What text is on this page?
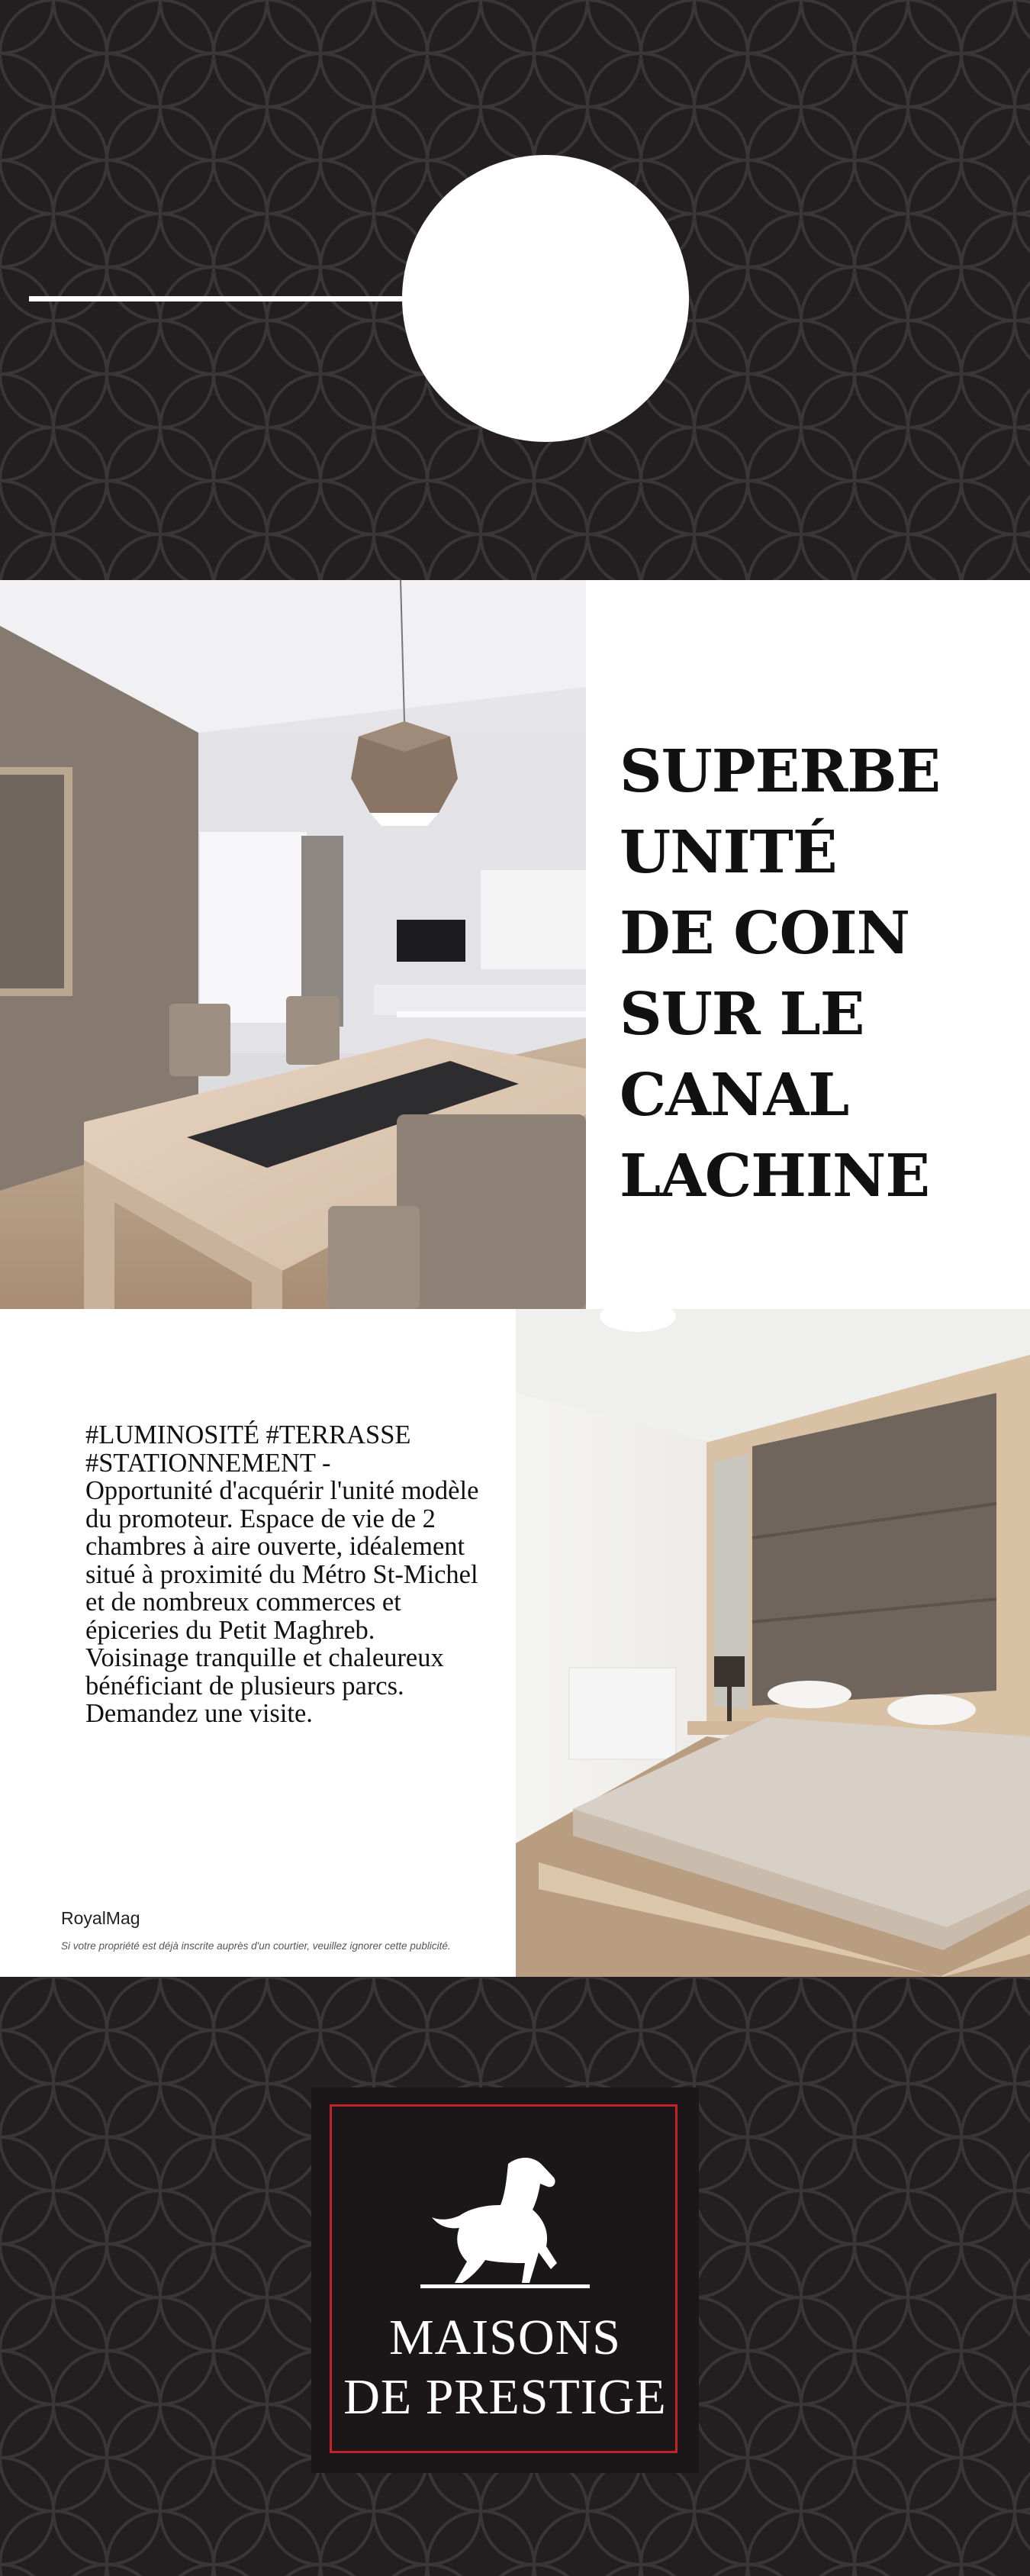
SUPERBE
UNITÉ
DE COIN
SUR LE
CANAL
LACHINE
#LUMINOSITÉ #TERRASSE #STATIONNEMENT -
Opportunité d'acquérir l'unité modèle du promoteur. Espace de vie de 2 chambres à aire ouverte, idéalement situé à proximité du Métro St-Michel et de nombreux commerces et épiceries du Petit Maghreb. Voisinage tranquille et chaleureux bénéficiant de plusieurs parcs. Demandez une visite.
RoyalMag
Si votre propriété est déjà inscrite auprès d'un courtier, veuillez ignorer cette publicité.
MAISONS
DE PRESTIGE
